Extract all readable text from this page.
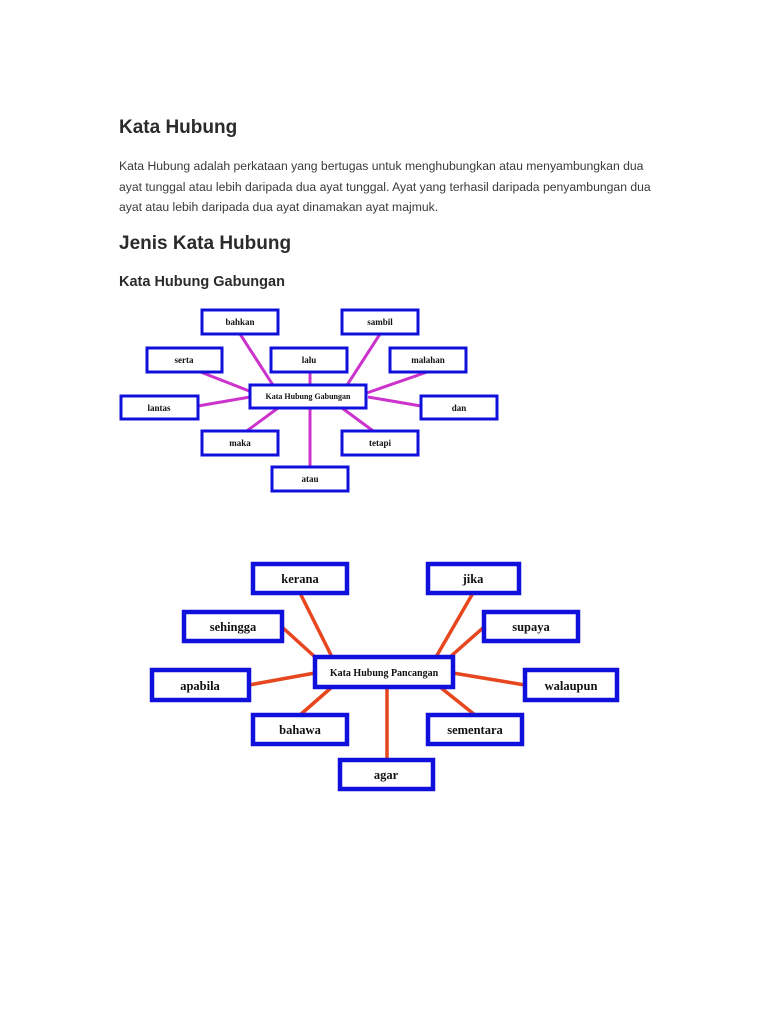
Kata Hubung

Kata Hubung adalah perkataan yang bertugas untuk menghubungkan atau menyambungkan dua
ayat tunggal atau lebih daripada dua ayat tunggal. Ayat yang terhasil daripada penyambungan dua
ayat atau lebih daripada dua ayat dinamakan ayat majmuk.

Jenis Kata Hubung
Kata Hubung Gabungan
Kata Hubung Gabungan
bahkan	sambil
serta	lalu	malahan
lantas	dan
maka	tetapi
atau
Kata Hubung Pancangan
kerana	jika
sehingga	supaya
apabila	walaupun
bahawa	sementara
agar
